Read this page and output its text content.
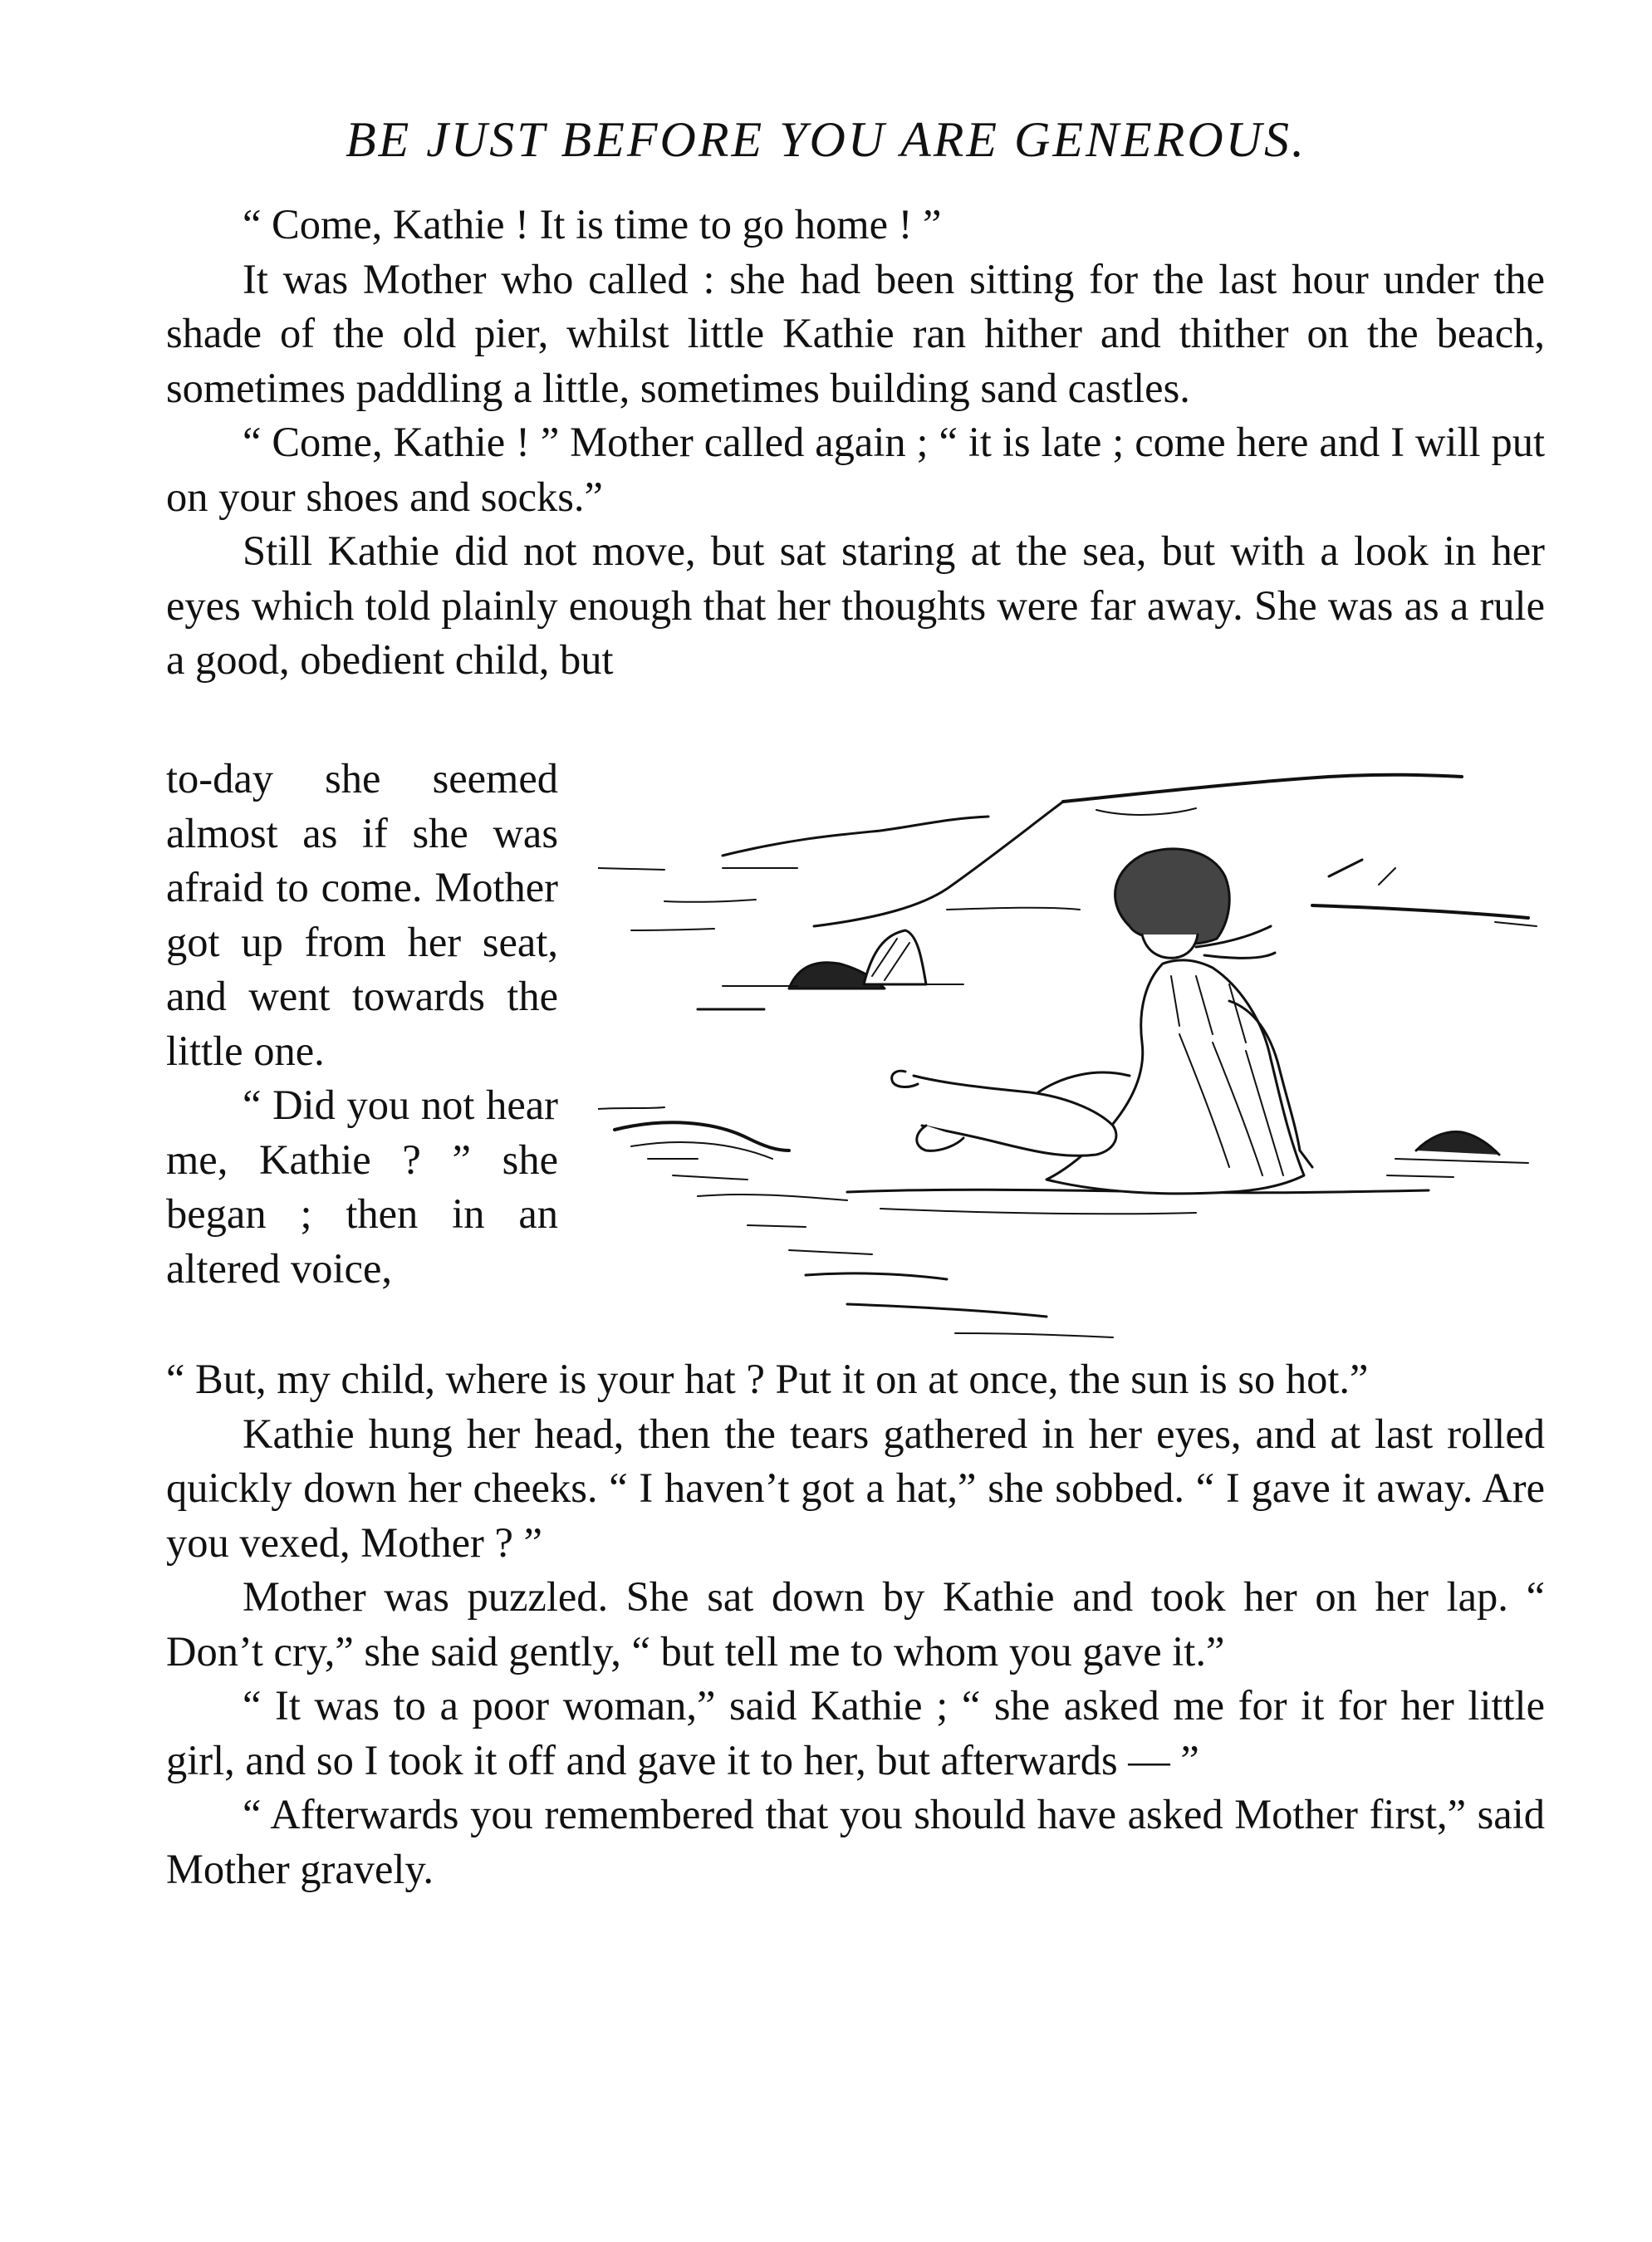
BE JUST BEFORE YOU ARE GENEROUS.

“ Come, Kathie ! It is time to go home ! ”

It was Mother who called : she had been sitting for the last hour under the shade of the old pier, whilst little Kathie ran hither and thither on the beach, sometimes paddling a little, sometimes building sand castles.

“ Come, Kathie ! ” Mother called again ; “ it is late ; come here and I will put on your shoes and socks.”

Still Kathie did not move, but sat staring at the sea, but with a look in her eyes which told plainly enough that her thoughts were far away. She was as a rule a good, obedient child, but

to-day she seemed almost as if she was afraid to come. Mother got up from her seat, and went towards the little one.

“ Did you not hear me, Kathie ? ” she began ; then in an altered voice,

“ But, my child, where is your hat ? Put it on at once, the sun is so hot.”

Kathie hung her head, then the tears gathered in her eyes, and at last rolled quickly down her cheeks. “ I haven’t got a hat,” she sobbed. “ I gave it away. Are you vexed, Mother ? ”

Mother was puzzled. She sat down by Kathie and took her on her lap. “ Don’t cry,” she said gently, “ but tell me to whom you gave it.”

“ It was to a poor woman,” said Kathie ; “ she asked me for it for her little girl, and so I took it off and gave it to her, but afterwards — ”

“ Afterwards you remembered that you should have asked Mother first,” said Mother gravely.
